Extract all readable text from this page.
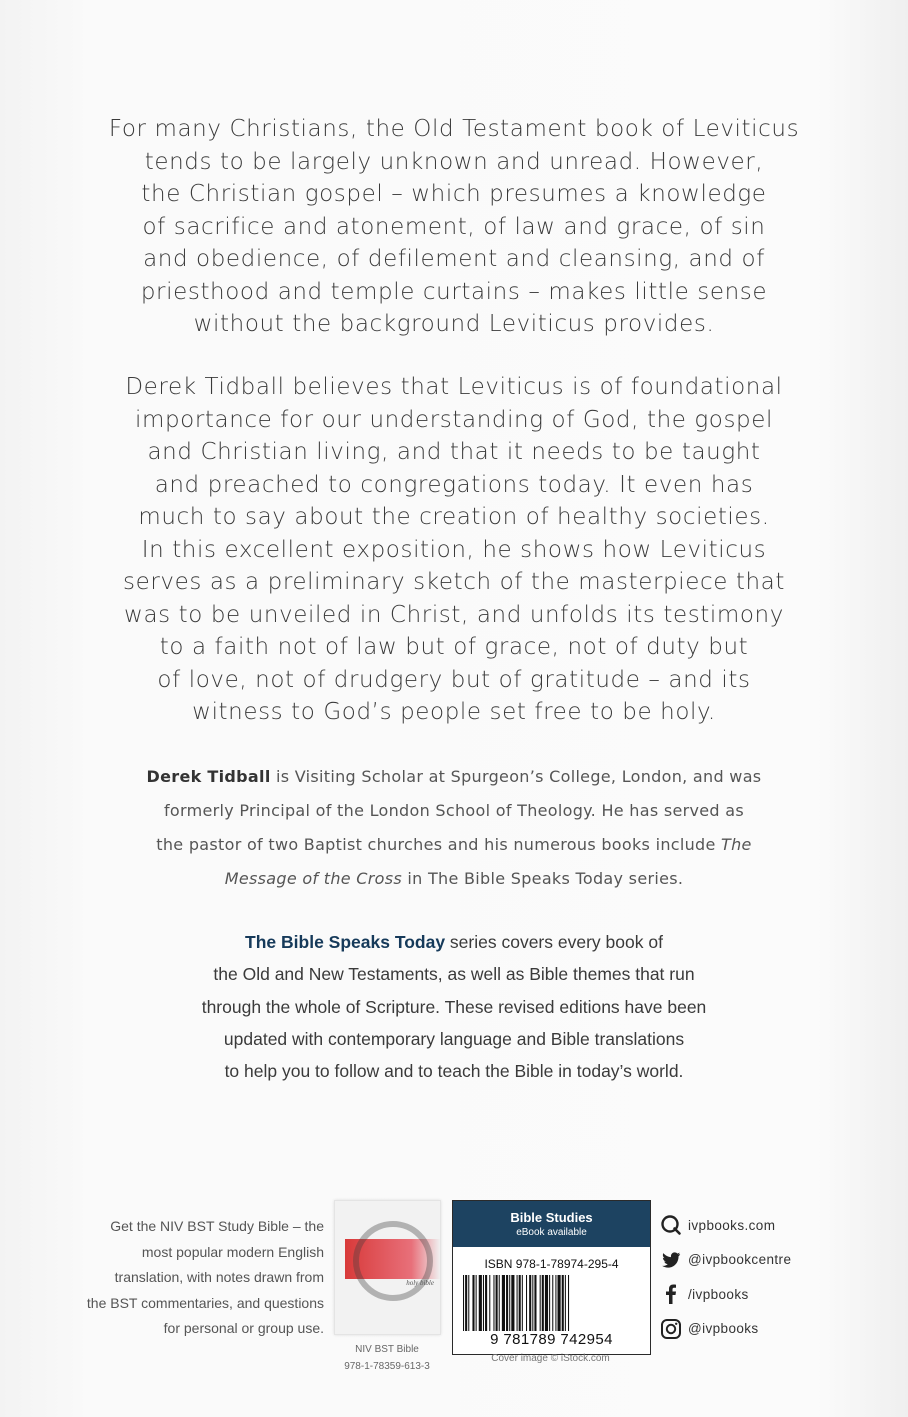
For many Christians, the Old Testament book of Leviticus
tends to be largely unknown and unread. However,
the Christian gospel – which presumes a knowledge
of sacrifice and atonement, of law and grace, of sin
and obedience, of defilement and cleansing, and of
priesthood and temple curtains – makes little sense
without the background Leviticus provides.

Derek Tidball believes that Leviticus is of foundational
importance for our understanding of God, the gospel
and Christian living, and that it needs to be taught
and preached to congregations today. It even has
much to say about the creation of healthy societies.
In this excellent exposition, he shows how Leviticus
serves as a preliminary sketch of the masterpiece that
was to be unveiled in Christ, and unfolds its testimony
to a faith not of law but of grace, not of duty but
of love, not of drudgery but of gratitude – and its
witness to God’s people set free to be holy.

Derek Tidball is Visiting Scholar at Spurgeon’s College, London, and was
formerly Principal of the London School of Theology. He has served as
the pastor of two Baptist churches and his numerous books include The
Message of the Cross in The Bible Speaks Today series.

The Bible Speaks Today series covers every book of
the Old and New Testaments, as well as Bible themes that run
through the whole of Scripture. These revised editions have been
updated with contemporary language and Bible translations
to help you to follow and to teach the Bible in today’s world.

Get the NIV BST Study Bible – the
most popular modern English
translation, with notes drawn from
the BST commentaries, and questions
for personal or group use.

holy bible

NIV BST Bible
978-1-78359-613-3

Bible Studies
eBook available
ISBN 978-1-78974-295-4
9 781789 742954

Cover image © iStock.com

ivpbooks.com
@ivpbookcentre
/ivpbooks
@ivpbooks
